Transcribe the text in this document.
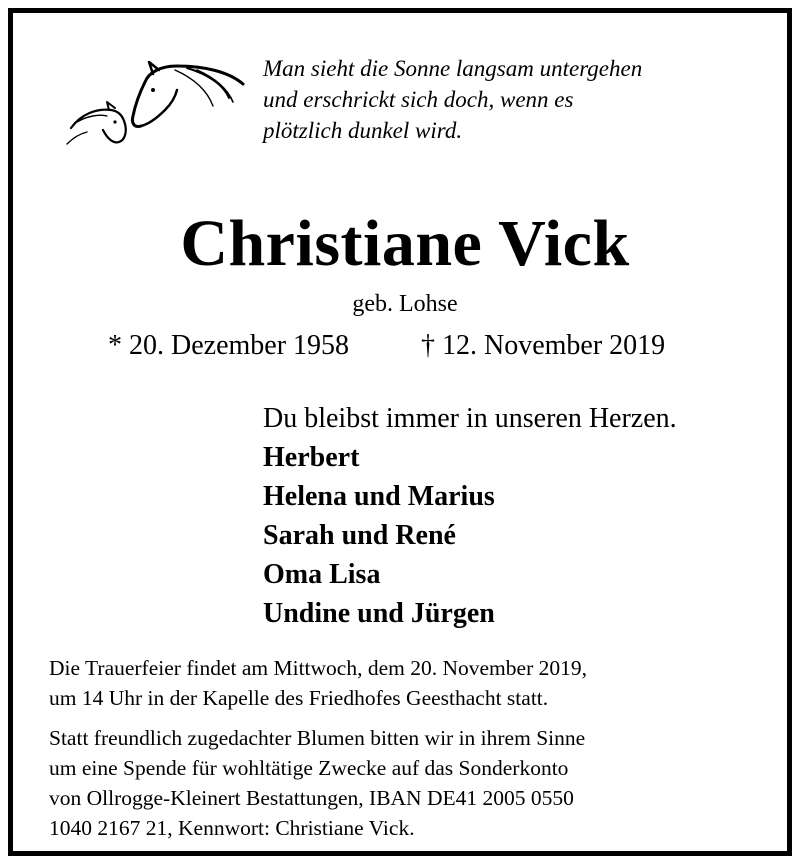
Man sieht die Sonne langsam untergehen
und erschrickt sich doch, wenn es
plötzlich dunkel wird.
Christiane Vick
geb. Lohse
* 20. Dezember 1958	† 12. November 2019
Du bleibst immer in unseren Herzen.
Herbert
Helena und Marius
Sarah und René
Oma Lisa
Undine und Jürgen
Die Trauerfeier findet am Mittwoch, dem 20. November 2019,
um 14 Uhr in der Kapelle des Friedhofes Geesthacht statt.
Statt freundlich zugedachter Blumen bitten wir in ihrem Sinne
um eine Spende für wohltätige Zwecke auf das Sonderkonto
von Ollrogge-Kleinert Bestattungen, IBAN DE41 2005 0550
1040 2167 21, Kennwort: Christiane Vick.
